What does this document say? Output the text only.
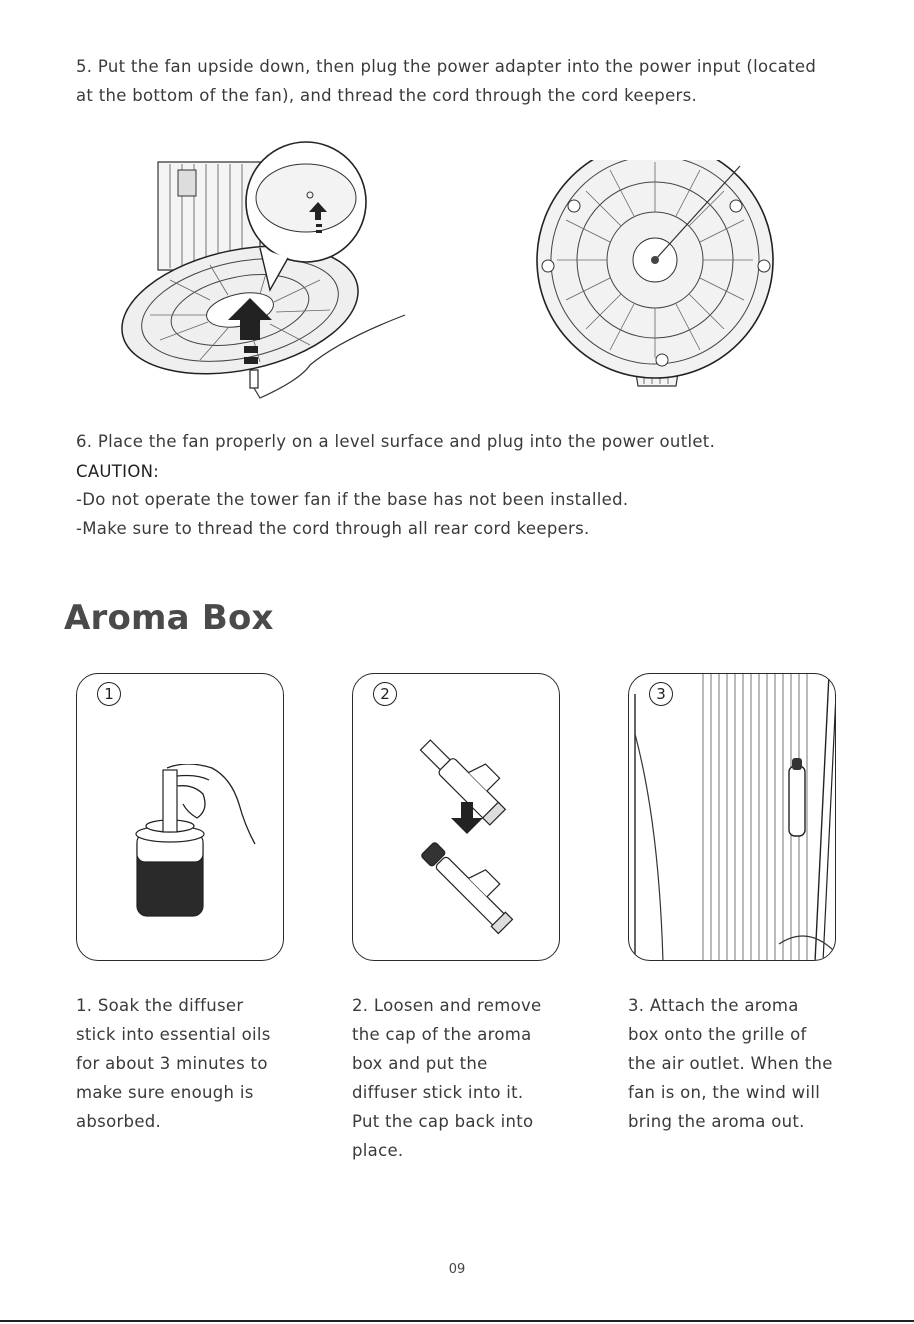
5. Put the fan upside down, then plug the power adapter into the power input (located
at the bottom of the fan), and thread the cord through the cord keepers.
6. Place the fan properly on a level surface and plug into the power outlet.
CAUTION:
-Do not operate the tower fan if the base has not been installed.
-Make sure to thread the cord through all rear cord keepers.
Aroma Box
1	2	3
1. Soak the diffuser
stick into essential oils
for about 3 minutes to
make sure enough is
absorbed.
2. Loosen and remove
the cap of the aroma
box and put the
diffuser stick into it.
Put the cap back into
place.
3. Attach the aroma
box onto the grille of
the air outlet. When the
fan is on, the wind will
bring the aroma out.
09
